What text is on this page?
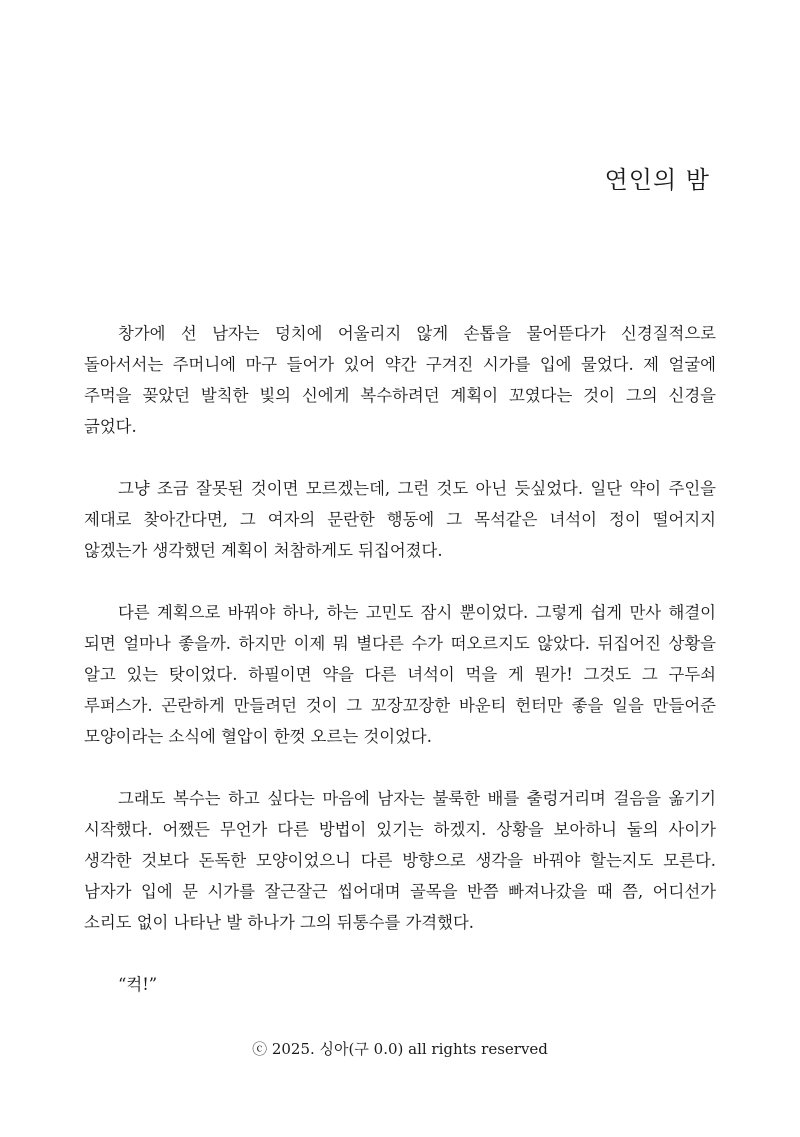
연인의 밤

창가에 선 남자는 덩치에 어울리지 않게 손톱을 물어뜯다가 신경질적으로 돌아서서는 주머니에 마구 들어가 있어 약간 구겨진 시가를 입에 물었다. 제 얼굴에 주먹을 꽂았던 발칙한 빛의 신에게 복수하려던 계획이 꼬였다는 것이 그의 신경을 긁었다.

그냥 조금 잘못된 것이면 모르겠는데, 그런 것도 아닌 듯싶었다. 일단 약이 주인을 제대로 찾아간다면, 그 여자의 문란한 행동에 그 목석같은 녀석이 정이 떨어지지 않겠는가 생각했던 계획이 처참하게도 뒤집어졌다.

다른 계획으로 바꿔야 하나, 하는 고민도 잠시 뿐이었다. 그렇게 쉽게 만사 해결이 되면 얼마나 좋을까. 하지만 이제 뭐 별다른 수가 떠오르지도 않았다. 뒤집어진 상황을 알고 있는 탓이었다. 하필이면 약을 다른 녀석이 먹을 게 뭔가! 그것도 그 구두쇠 루퍼스가. 곤란하게 만들려던 것이 그 꼬장꼬장한 바운티 헌터만 좋을 일을 만들어준 모양이라는 소식에 혈압이 한껏 오르는 것이었다.

그래도 복수는 하고 싶다는 마음에 남자는 불룩한 배를 출렁거리며 걸음을 옮기기 시작했다. 어쨌든 무언가 다른 방법이 있기는 하겠지. 상황을 보아하니 둘의 사이가 생각한 것보다 돈독한 모양이었으니 다른 방향으로 생각을 바꿔야 할는지도 모른다. 남자가 입에 문 시가를 잘근잘근 씹어대며 골목을 반쯤 빠져나갔을 때 쯤, 어디선가 소리도 없이 나타난 발 하나가 그의 뒤통수를 가격했다.

“컥!”

ⓒ 2025. 싱아(구 0.0) all rights reserved
